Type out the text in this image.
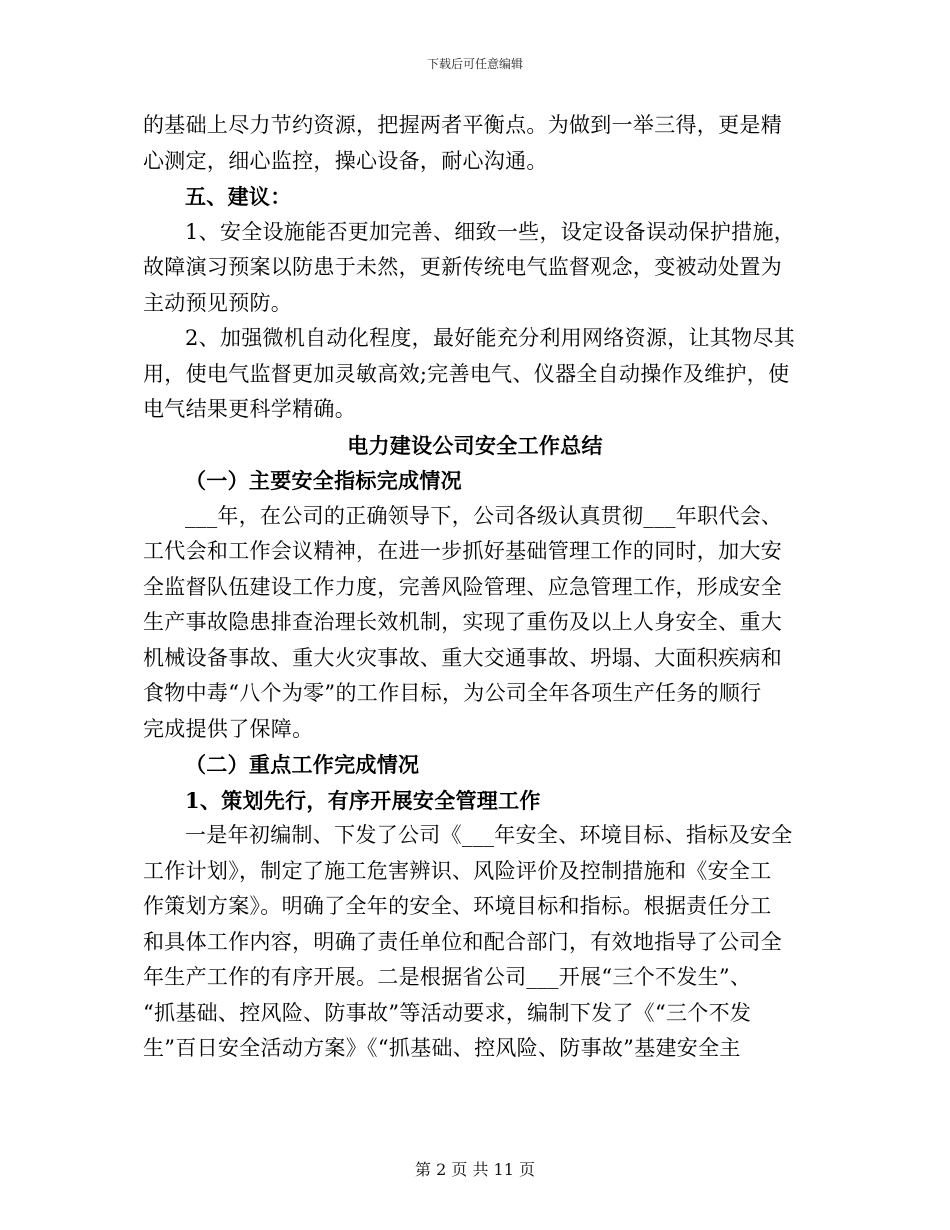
下载后可任意编辑
的基础上尽力节约资源，把握两者平衡点。为做到一举三得，更是精
心测定，细心监控，操心设备，耐心沟通。
五、建议：
1、安全设施能否更加完善、细致一些，设定设备误动保护措施，
故障演习预案以防患于未然，更新传统电气监督观念，变被动处置为
主动预见预防。
2、加强微机自动化程度，最好能充分利用网络资源，让其物尽其
用，使电气监督更加灵敏高效;完善电气、仪器全自动操作及维护，使
电气结果更科学精确。
电力建设公司安全工作总结
（一）主要安全指标完成情况
___年，在公司的正确领导下，公司各级认真贯彻___年职代会、
工代会和工作会议精神，在进一步抓好基础管理工作的同时，加大安
全监督队伍建设工作力度，完善风险管理、应急管理工作，形成安全
生产事故隐患排查治理长效机制，实现了重伤及以上人身安全、重大
机械设备事故、重大火灾事故、重大交通事故、坍塌、大面积疾病和
食物中毒“八个为零”的工作目标，为公司全年各项生产任务的顺行
完成提供了保障。
（二）重点工作完成情况
1、策划先行，有序开展安全管理工作
一是年初编制、下发了公司《___年安全、环境目标、指标及安全
工作计划》，制定了施工危害辨识、风险评价及控制措施和《安全工
作策划方案》。明确了全年的安全、环境目标和指标。根据责任分工
和具体工作内容，明确了责任单位和配合部门，有效地指导了公司全
年生产工作的有序开展。二是根据省公司___开展“三个不发生”、
“抓基础、控风险、防事故”等活动要求，编制下发了《“三个不发
生”百日安全活动方案》《“抓基础、控风险、防事故”基建安全主
第 2 页 共 11 页
